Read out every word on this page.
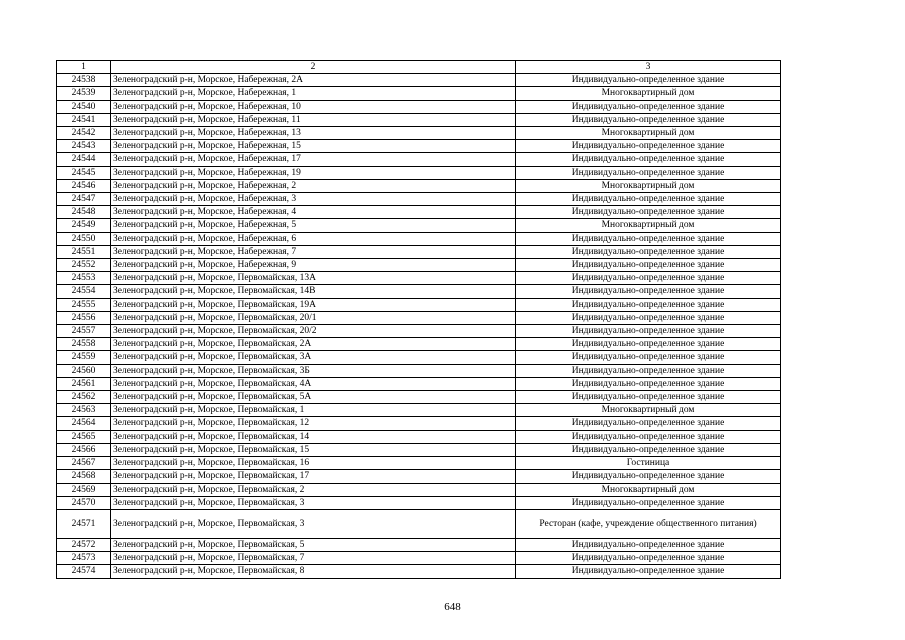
1	2	3
24538	Зеленоградский р-н, Морское, Набережная, 2А	Индивидуально-определенное здание
24539	Зеленоградский р-н, Морское, Набережная, 1	Многоквартирный дом
24540	Зеленоградский р-н, Морское, Набережная, 10	Индивидуально-определенное здание
24541	Зеленоградский р-н, Морское, Набережная, 11	Индивидуально-определенное здание
24542	Зеленоградский р-н, Морское, Набережная, 13	Многоквартирный дом
24543	Зеленоградский р-н, Морское, Набережная, 15	Индивидуально-определенное здание
24544	Зеленоградский р-н, Морское, Набережная, 17	Индивидуально-определенное здание
24545	Зеленоградский р-н, Морское, Набережная, 19	Индивидуально-определенное здание
24546	Зеленоградский р-н, Морское, Набережная, 2	Многоквартирный дом
24547	Зеленоградский р-н, Морское, Набережная, 3	Индивидуально-определенное здание
24548	Зеленоградский р-н, Морское, Набережная, 4	Индивидуально-определенное здание
24549	Зеленоградский р-н, Морское, Набережная, 5	Многоквартирный дом
24550	Зеленоградский р-н, Морское, Набережная, 6	Индивидуально-определенное здание
24551	Зеленоградский р-н, Морское, Набережная, 7	Индивидуально-определенное здание
24552	Зеленоградский р-н, Морское, Набережная, 9	Индивидуально-определенное здание
24553	Зеленоградский р-н, Морское, Первомайская, 13А	Индивидуально-определенное здание
24554	Зеленоградский р-н, Морское, Первомайская, 14В	Индивидуально-определенное здание
24555	Зеленоградский р-н, Морское, Первомайская, 19А	Индивидуально-определенное здание
24556	Зеленоградский р-н, Морское, Первомайская, 20/1	Индивидуально-определенное здание
24557	Зеленоградский р-н, Морское, Первомайская, 20/2	Индивидуально-определенное здание
24558	Зеленоградский р-н, Морское, Первомайская, 2А	Индивидуально-определенное здание
24559	Зеленоградский р-н, Морское, Первомайская, 3А	Индивидуально-определенное здание
24560	Зеленоградский р-н, Морское, Первомайская, 3Б	Индивидуально-определенное здание
24561	Зеленоградский р-н, Морское, Первомайская, 4А	Индивидуально-определенное здание
24562	Зеленоградский р-н, Морское, Первомайская, 5А	Индивидуально-определенное здание
24563	Зеленоградский р-н, Морское, Первомайская, 1	Многоквартирный дом
24564	Зеленоградский р-н, Морское, Первомайская, 12	Индивидуально-определенное здание
24565	Зеленоградский р-н, Морское, Первомайская, 14	Индивидуально-определенное здание
24566	Зеленоградский р-н, Морское, Первомайская, 15	Индивидуально-определенное здание
24567	Зеленоградский р-н, Морское, Первомайская, 16	Гостиница
24568	Зеленоградский р-н, Морское, Первомайская, 17	Индивидуально-определенное здание
24569	Зеленоградский р-н, Морское, Первомайская, 2	Многоквартирный дом
24570	Зеленоградский р-н, Морское, Первомайская, 3	Индивидуально-определенное здание
24571	Зеленоградский р-н, Морское, Первомайская, 3	Ресторан (кафе, учреждение общественного питания)
24572	Зеленоградский р-н, Морское, Первомайская, 5	Индивидуально-определенное здание
24573	Зеленоградский р-н, Морское, Первомайская, 7	Индивидуально-определенное здание
24574	Зеленоградский р-н, Морское, Первомайская, 8	Индивидуально-определенное здание
648
